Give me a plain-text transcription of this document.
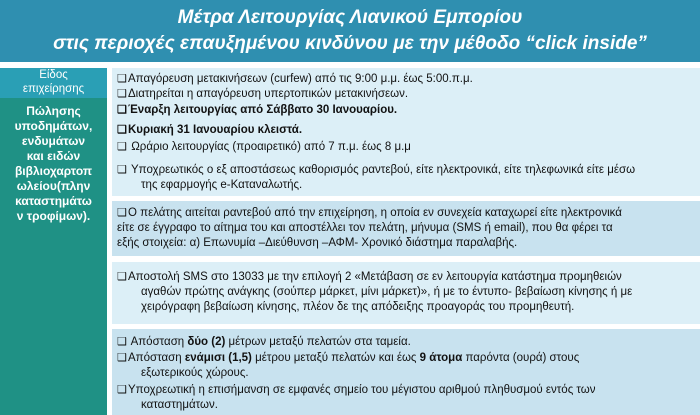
Μέτρα Λειτουργίας Λιανικού Εμπορίου
στις περιοχές επαυξημένου κινδύνου με την μέθοδο “click inside”
Είδος
επιχείρησης
Πώλησης
υποδημάτων,
ενδυμάτων
και ειδών
βιβλιοχαρτοπ
ωλείου(πλην
καταστημάτω
ν τροφίμων).
❑Απαγόρευση μετακινήσεων (curfew) από τις 9:00 μ.μ. έως 5:00.π.μ.
❑Διατηρείται η απαγόρευση υπερτοπικών μετακινήσεων.
❑Έναρξη λειτουργίας από Σάββατο 30 Ιανουαρίου.
❑Κυριακή 31 Ιανουαρίου κλειστά.
❑ Ωράριο λειτουργίας (προαιρετικό) από 7 π.μ. έως 8 μ.μ
❑ Υποχρεωτικός ο εξ αποστάσεως καθορισμός ραντεβού, είτε ηλεκτρονικά, είτε τηλεφωνικά είτε μέσω
της εφαρμογής e-Καταναλωτής.
❑Ο πελάτης αιτείται ραντεβού από την επιχείρηση, η οποία εν συνεχεία καταχωρεί είτε ηλεκτρονικά
είτε σε έγγραφο το αίτημα του και αποστέλλει τον πελάτη, μήνυμα (SMS ή email), που θα φέρει τα
εξής στοιχεία: α) Επωνυμία –Διεύθυνση –ΑΦΜ- Χρονικό διάστημα παραλαβής.
❑Αποστολή SMS στο 13033 με την επιλογή 2 «Μετάβαση σε εν λειτουργία κατάστημα προμηθειών
αγαθών πρώτης ανάγκης (σούπερ μάρκετ, μίνι μάρκετ)», ή με το έντυπο- βεβαίωση κίνησης ή με
χειρόγραφη βεβαίωση κίνησης, πλέον δε της απόδειξης προαγοράς του προμηθευτή.
❑ Απόσταση δύο (2) μέτρων μεταξύ πελατών στα ταμεία.
❑Απόσταση ενάμισι (1,5) μέτρου μεταξύ πελατών και έως 9 άτομα παρόντα (ουρά) στους
εξωτερικούς χώρους.
❑Υποχρεωτική η επισήμανση σε εμφανές σημείο του μέγιστου αριθμού πληθυσμού εντός των
καταστημάτων.
